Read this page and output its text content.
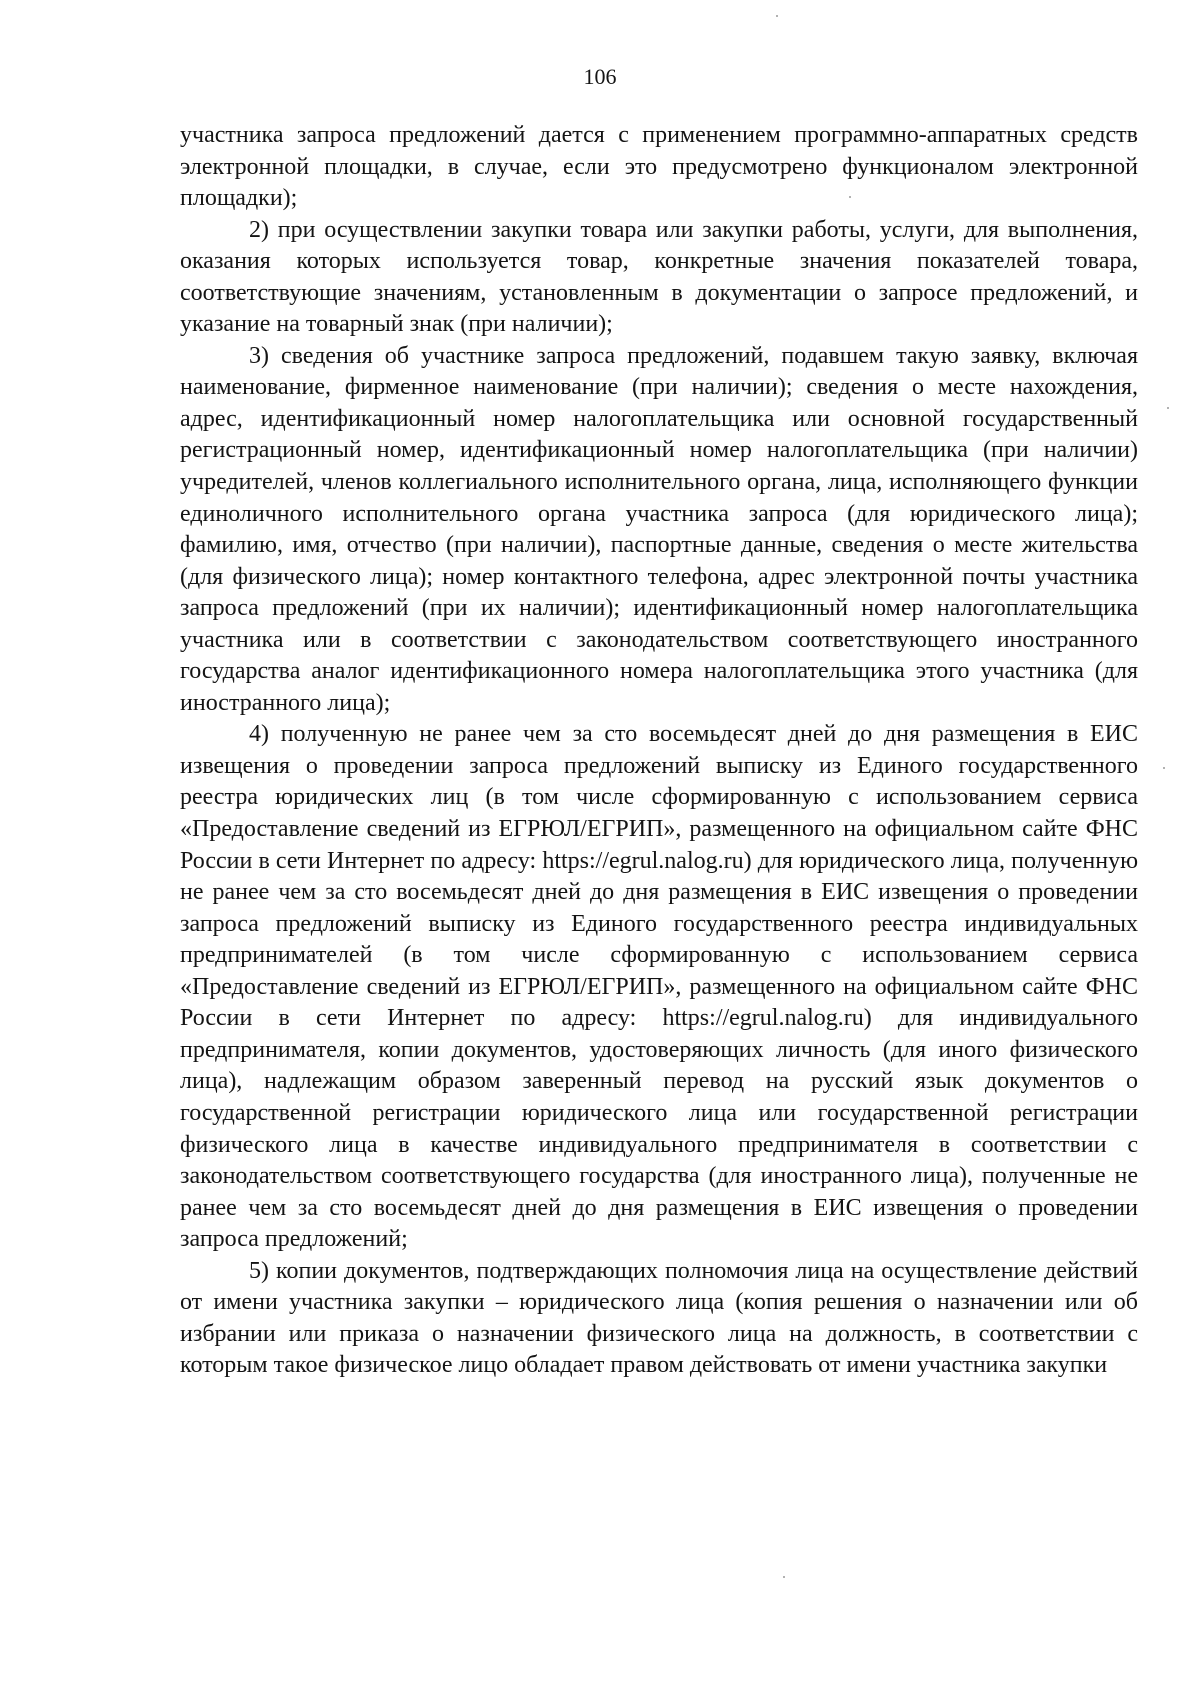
106

участника запроса предложений дается с применением программно-аппаратных средств электронной площадки, в случае, если это предусмотрено функционалом электронной площадки);

2) при осуществлении закупки товара или закупки работы, услуги, для выполнения, оказания которых используется товар, конкретные значения показателей товара, соответствующие значениям, установленным в документации о запросе предложений, и указание на товарный знак (при наличии);

3) сведения об участнике запроса предложений, подавшем такую заявку, включая наименование, фирменное наименование (при наличии); сведения о месте нахождения, адрес, идентификационный номер налогоплательщика или основной государственный регистрационный номер, идентификационный номер налогоплательщика (при наличии) учредителей, членов коллегиального исполнительного органа, лица, исполняющего функции единоличного исполнительного органа участника запроса (для юридического лица); фамилию, имя, отчество (при наличии), паспортные данные, сведения о месте жительства (для физического лица); номер контактного телефона, адрес электронной почты участника запроса предложений (при их наличии); идентификационный номер налогоплательщика участника или в соответствии с законодательством соответствующего иностранного государства аналог идентификационного номера налогоплательщика этого участника (для иностранного лица);

4) полученную не ранее чем за сто восемьдесят дней до дня размещения в ЕИС извещения о проведении запроса предложений выписку из Единого государственного реестра юридических лиц (в том числе сформированную с использованием сервиса «Предоставление сведений из ЕГРЮЛ/ЕГРИП», размещенного на официальном сайте ФНС России в сети Интернет по адресу: https://egrul.nalog.ru) для юридического лица, полученную не ранее чем за сто восемьдесят дней до дня размещения в ЕИС извещения о проведении запроса предложений выписку из Единого государственного реестра индивидуальных предпринимателей (в том числе сформированную с использованием сервиса «Предоставление сведений из ЕГРЮЛ/ЕГРИП», размещенного на официальном сайте ФНС России в сети Интернет по адресу: https://egrul.nalog.ru) для индивидуального предпринимателя, копии документов, удостоверяющих личность (для иного физического лица), надлежащим образом заверенный перевод на русский язык документов о государственной регистрации юридического лица или государственной регистрации физического лица в качестве индивидуального предпринимателя в соответствии с законодательством соответствующего государства (для иностранного лица), полученные не ранее чем за сто восемьдесят дней до дня размещения в ЕИС извещения о проведении запроса предложений;

5) копии документов, подтверждающих полномочия лица на осуществление действий от имени участника закупки – юридического лица (копия решения о назначении или об избрании или приказа о назначении физического лица на должность, в соответствии с которым такое физическое лицо обладает правом действовать от имени участника закупки
